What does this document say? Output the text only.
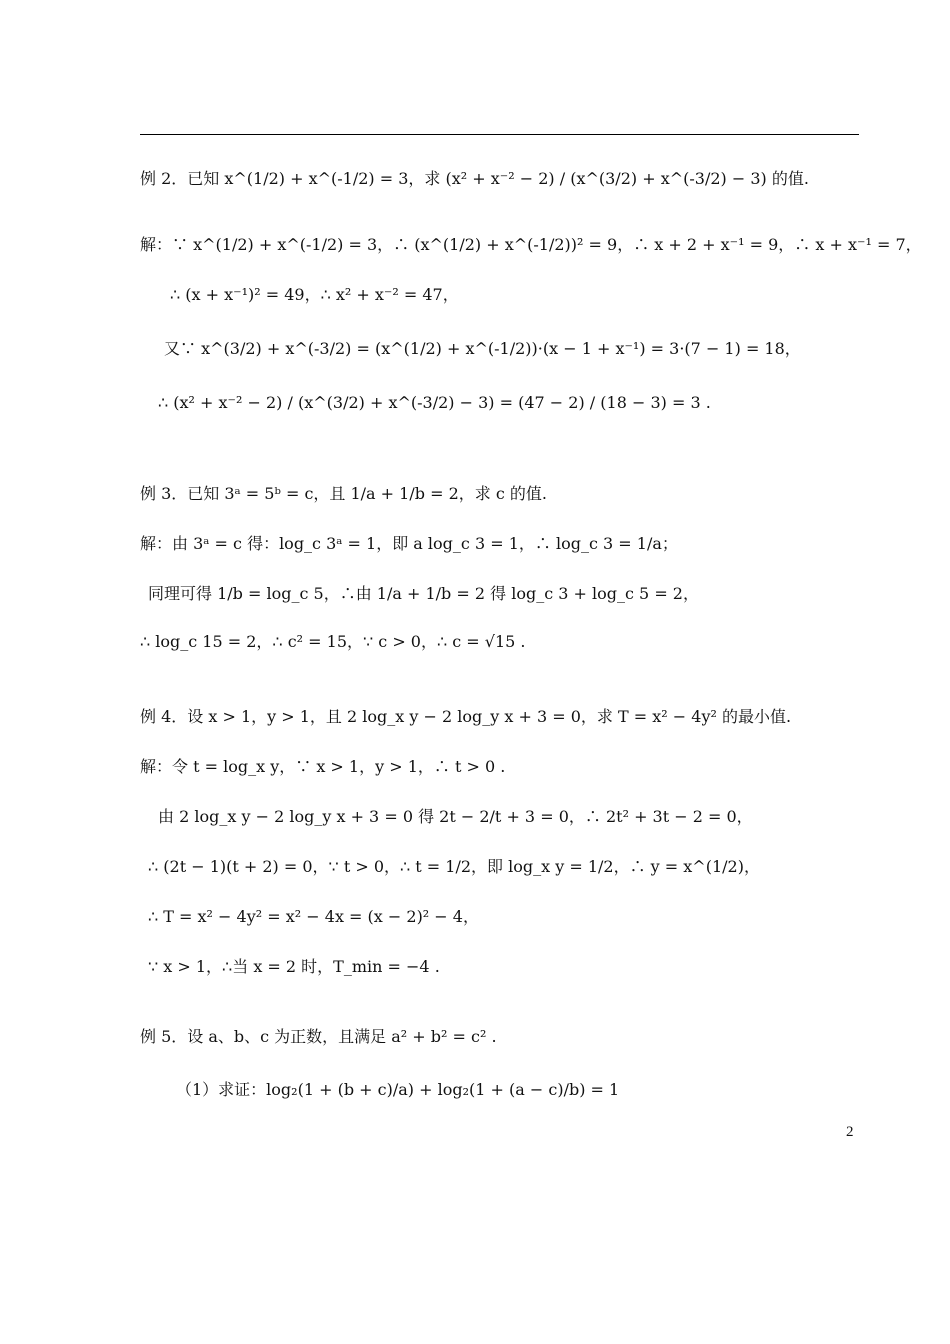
例 2．已知 x^(1/2) + x^(-1/2) = 3，求 (x² + x⁻² − 2) / (x^(3/2) + x^(-3/2) − 3) 的值.
解：∵ x^(1/2) + x^(-1/2) = 3，∴ (x^(1/2) + x^(-1/2))² = 9，∴ x + 2 + x⁻¹ = 9，∴ x + x⁻¹ = 7，
∴ (x + x⁻¹)² = 49，∴ x² + x⁻² = 47，
又∵ x^(3/2) + x^(-3/2) = (x^(1/2) + x^(-1/2))·(x − 1 + x⁻¹) = 3·(7 − 1) = 18，
∴ (x² + x⁻² − 2) / (x^(3/2) + x^(-3/2) − 3) = (47 − 2) / (18 − 3) = 3 .
例 3．已知 3ᵃ = 5ᵇ = c，且 1/a + 1/b = 2，求 c 的值.
解：由 3ᵃ = c 得：log_c 3ᵃ = 1，即 a log_c 3 = 1，∴ log_c 3 = 1/a；
同理可得 1/b = log_c 5，∴由 1/a + 1/b = 2 得 log_c 3 + log_c 5 = 2，
∴ log_c 15 = 2，∴ c² = 15，∵ c > 0，∴ c = √15 .
例 4．设 x > 1，y > 1，且 2 log_x y − 2 log_y x + 3 = 0，求 T = x² − 4y² 的最小值.
解：令 t = log_x y，∵ x > 1，y > 1，∴ t > 0 .
由 2 log_x y − 2 log_y x + 3 = 0 得 2t − 2/t + 3 = 0，∴ 2t² + 3t − 2 = 0，
∴ (2t − 1)(t + 2) = 0，∵ t > 0，∴ t = 1/2，即 log_x y = 1/2，∴ y = x^(1/2)，
∴ T = x² − 4y² = x² − 4x = (x − 2)² − 4，
∵ x > 1，∴当 x = 2 时，T_min = −4 .
例 5．设 a、b、c 为正数，且满足 a² + b² = c² .
（1）求证：log₂(1 + (b + c)/a) + log₂(1 + (a − c)/b) = 1
2
